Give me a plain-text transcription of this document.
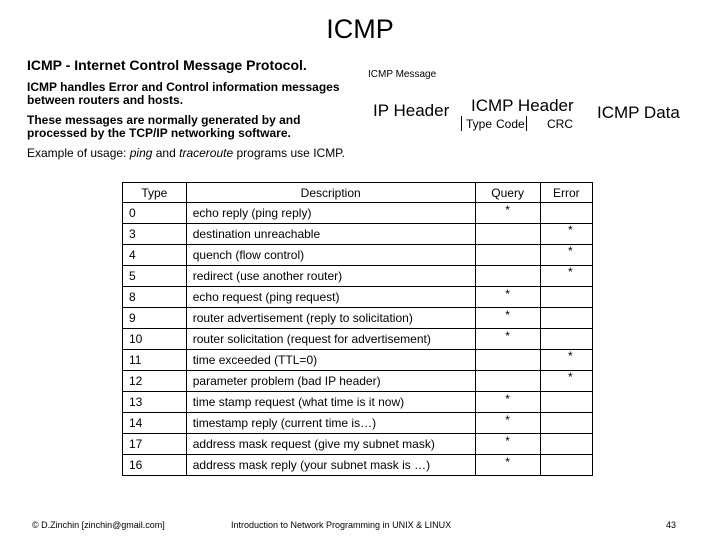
ICMP
ICMP - Internet Control Message Protocol.
ICMP handles Error and Control information messages between routers and hosts.
These messages are normally generated by and processed by the TCP/IP networking software.
Example of usage: ping and traceroute programs use ICMP.
ICMP Message
IP Header ICMP Header
Type Code CRC
ICMP Data
Type	Description	Query	Error
0	echo reply (ping reply)	*	
3	destination unreachable		*
4	quench (flow control)		*
5	redirect (use another router)		*
8	echo request (ping request)	*	
9	router advertisement (reply to solicitation)	*	
10	router solicitation (request for advertisement)	*	
11	time exceeded (TTL=0)		*
12	parameter problem (bad IP header)		*
13	time stamp request (what time is it now)	*	
14	timestamp reply (current time is…)	*	
17	address mask request (give my subnet mask)	*	
16	address mask reply (your subnet mask is …)	*	
© D.Zinchin [zinchin@gmail.com]	Introduction to Network Programming in UNIX & LINUX	43
